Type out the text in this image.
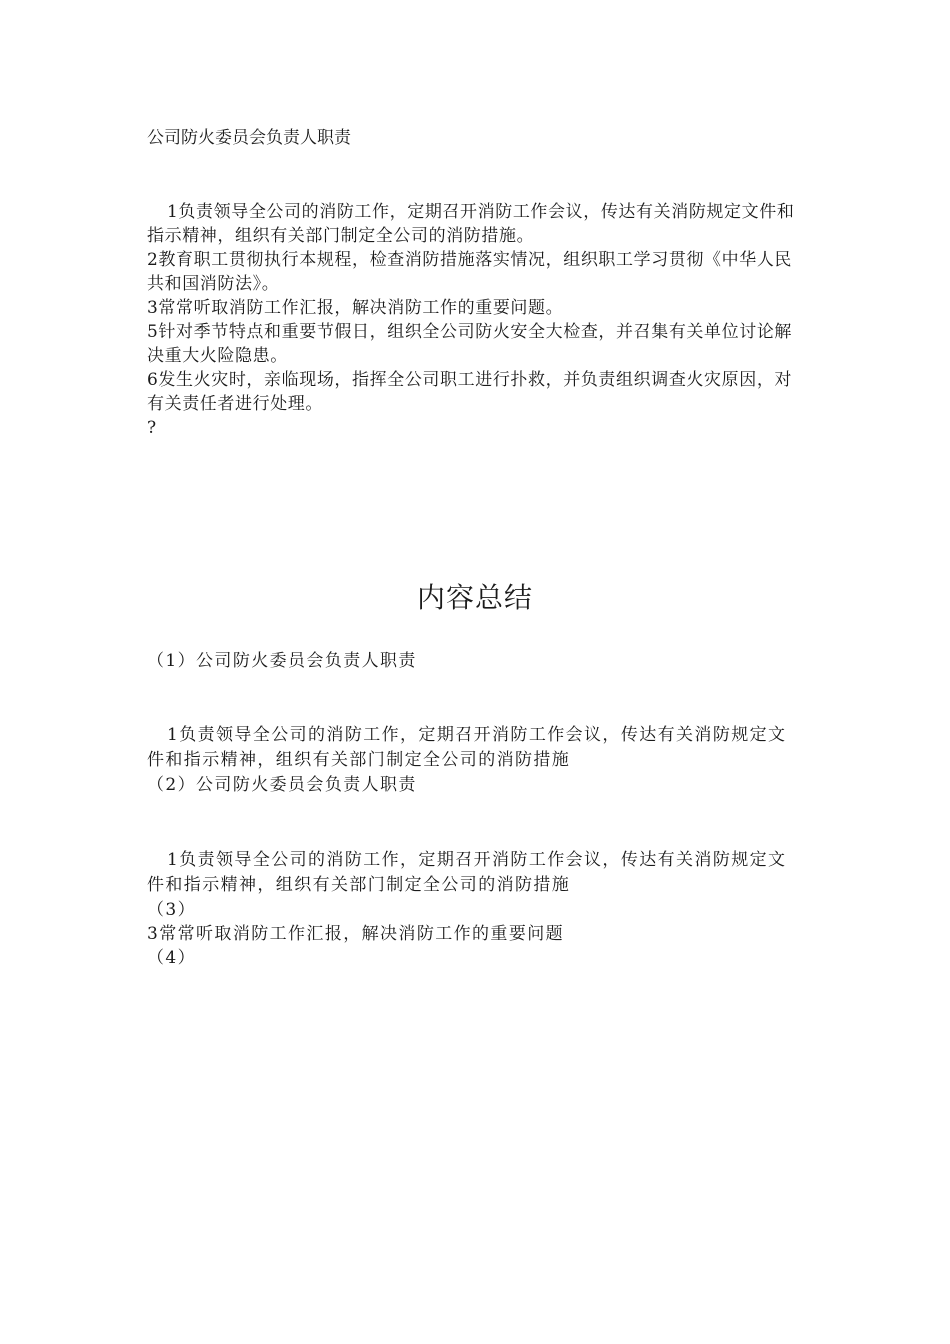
公司防火委员会负责人职责

1负责领导全公司的消防工作，定期召开消防工作会议，传达有关消防规定文件和指示精神，组织有关部门制定全公司的消防措施。

2教育职工贯彻执行本规程，检查消防措施落实情况，组织职工学习贯彻《中华人民共和国消防法》。

3常常听取消防工作汇报，解决消防工作的重要问题。

5针对季节特点和重要节假日，组织全公司防火安全大检查，并召集有关单位讨论解决重大火险隐患。

6发生火灾时，亲临现场，指挥全公司职工进行扑救，并负责组织调查火灾原因，对有关责任者进行处理。

?

内容总结

（1）公司防火委员会负责人职责

1负责领导全公司的消防工作，定期召开消防工作会议，传达有关消防规定文件和指示精神，组织有关部门制定全公司的消防措施

（2）公司防火委员会负责人职责

1负责领导全公司的消防工作，定期召开消防工作会议，传达有关消防规定文件和指示精神，组织有关部门制定全公司的消防措施

（3）

3常常听取消防工作汇报，解决消防工作的重要问题

（4）
